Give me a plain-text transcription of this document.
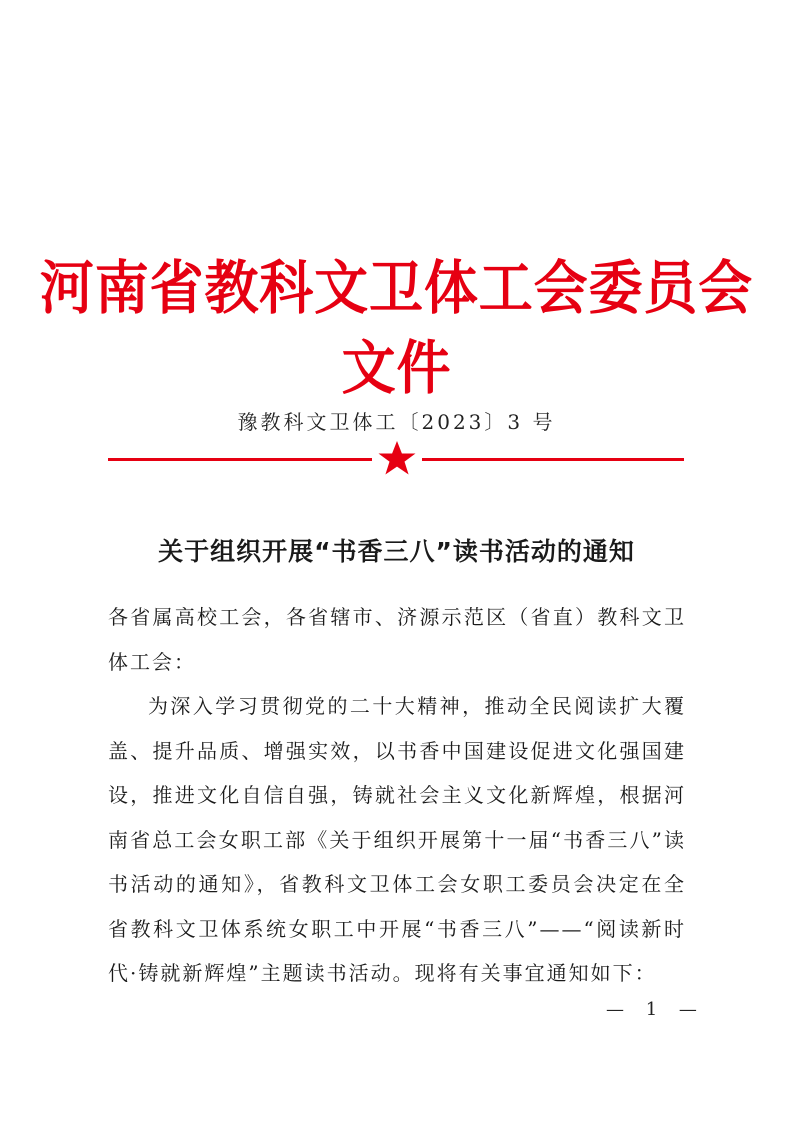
河南省教科文卫体工会委员会文件
豫教科文卫体工〔2023〕3 号
关于组织开展“书香三八”读书活动的通知

各省属高校工会，各省辖市、济源示范区（省直）教科文卫体工会：

为深入学习贯彻党的二十大精神，推动全民阅读扩大覆盖、提升品质、增强实效，以书香中国建设促进文化强国建设，推进文化自信自强，铸就社会主义文化新辉煌，根据河南省总工会女职工部《关于组织开展第十一届“书香三八”读书活动的通知》，省教科文卫体工会女职工委员会决定在全省教科文卫体系统女职工中开展“书香三八”——“阅读新时代·铸就新辉煌”主题读书活动。现将有关事宜通知如下：

— 1 —
